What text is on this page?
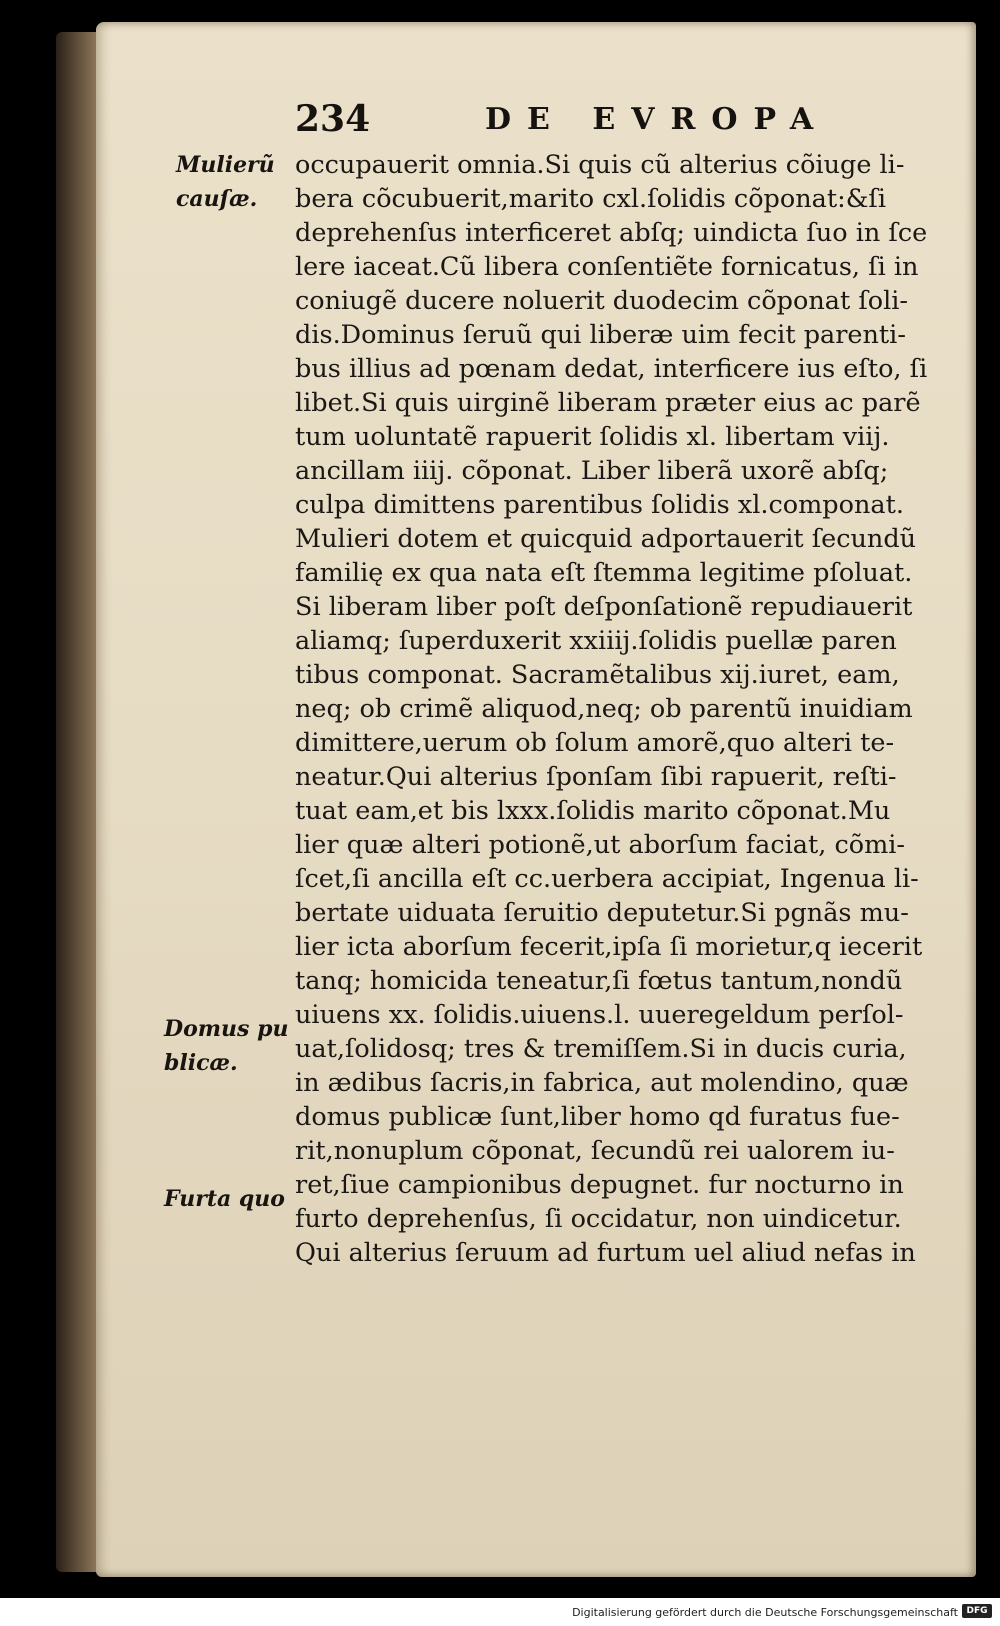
234	DE EVROPA
Mulierũ
cauſæ.
Domus pu
blicæ.
Furta quo
occupauerit omnia.Si quis cũ alterius cõiuge li-
bera cõcubuerit,marito cxl.ſolidis cõponat:&ſi
deprehenſus interficeret abſq; uindicta ſuo in ſce
lere iaceat.Cũ libera conſentiẽte fornicatus, ſi in
coniugẽ ducere noluerit duodecim cõponat ſoli-
dis.Dominus ſeruũ qui liberæ uim fecit parenti-
bus illius ad pœnam dedat, interficere ius eſto, ſi
libet.Si quis uirginẽ liberam præter eius ac parẽ
tum uoluntatẽ rapuerit ſolidis xl. libertam viij.
ancillam iiij. cõponat. Liber liberã uxorẽ abſq;
culpa dimittens parentibus ſolidis xl.componat.
Mulieri dotem et quicquid adportauerit ſecundũ
familię ex qua nata eſt ſtemma legitime pſoluat.
Si liberam liber poſt deſponſationẽ repudiauerit
aliamq; ſuperduxerit xxiiij.ſolidis puellæ paren
tibus componat. Sacramẽtalibus xij.iuret, eam,
neq; ob crimẽ aliquod,neq; ob parentũ inuidiam
dimittere,uerum ob ſolum amorẽ,quo alteri te-
neatur.Qui alterius ſponſam ſibi rapuerit, reſti-
tuat eam,et bis lxxx.ſolidis marito cõponat.Mu
lier quæ alteri potionẽ,ut aborſum faciat, cõmi-
ſcet,ſi ancilla eſt cc.uerbera accipiat, Ingenua li-
bertate uiduata ſeruitio deputetur.Si pgnãs mu-
lier icta aborſum fecerit,ipſa ſi morietur,q iecerit
tanq; homicida teneatur,ſi fœtus tantum,nondũ
uiuens xx. ſolidis.uiuens.l. uueregeldum perſol-
uat,ſolidosq; tres & tremiſſem.Si in ducis curia,
in ædibus ſacris,in fabrica, aut molendino, quæ
domus publicæ ſunt,liber homo qd furatus fue-
rit,nonuplum cõponat, ſecundũ rei ualorem iu-
ret,ſiue campionibus depugnet. fur nocturno in
furto deprehenſus, ſi occidatur, non uindicetur.
Qui alterius ſeruum ad furtum uel aliud nefas in
Digitalisierung gefördert durch die Deutsche Forschungsgemeinschaft DFG
